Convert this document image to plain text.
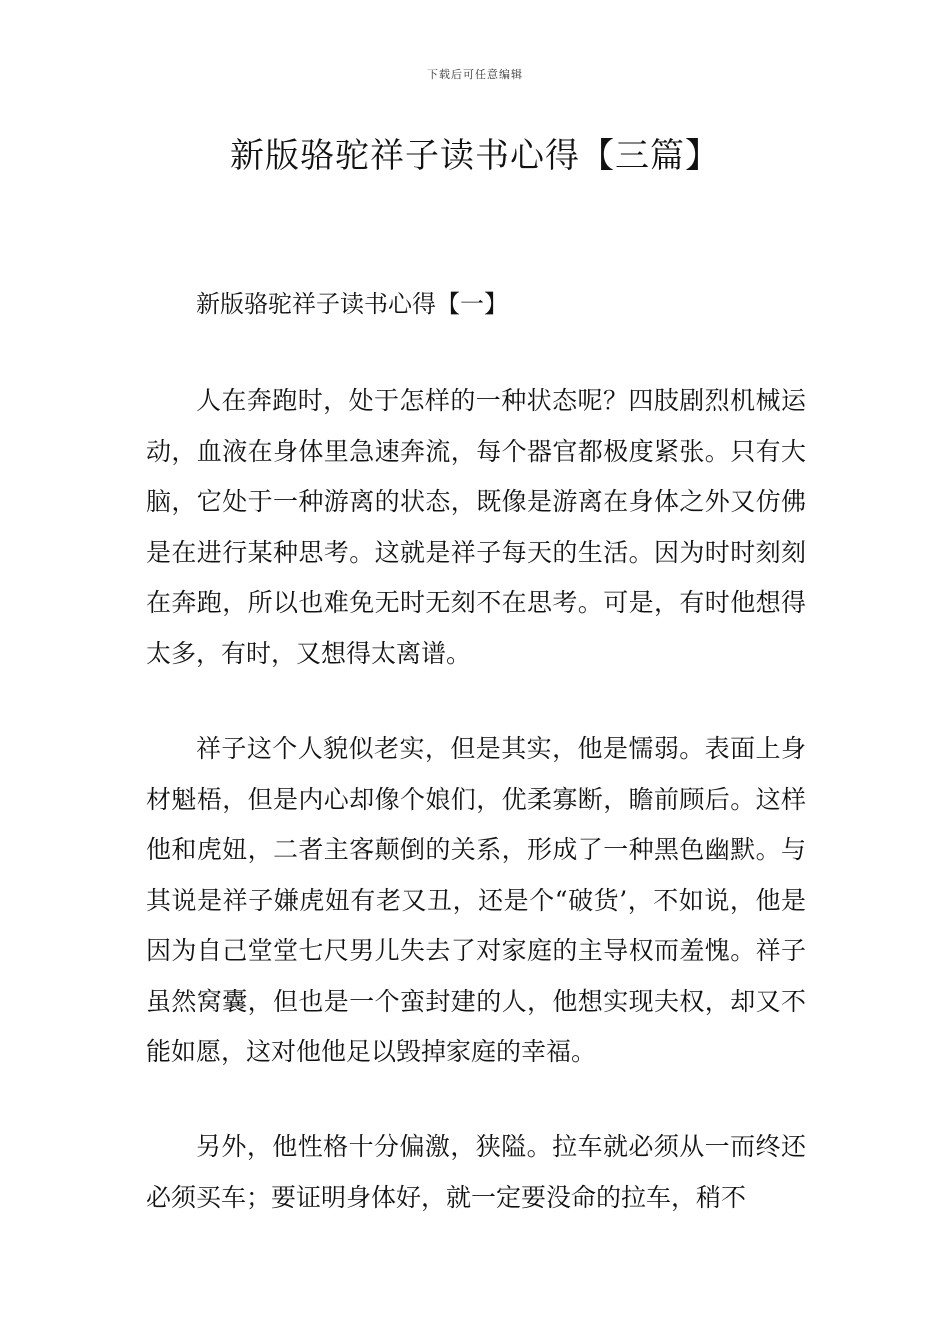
下载后可任意编辑
新版骆驼祥子读书心得【三篇】
新版骆驼祥子读书心得【一】

人在奔跑时，处于怎样的一种状态呢？四肢剧烈机械运动，血液在身体里急速奔流，每个器官都极度紧张。只有大脑，它处于一种游离的状态，既像是游离在身体之外又仿佛是在进行某种思考。这就是祥子每天的生活。因为时时刻刻在奔跑，所以也难免无时无刻不在思考。可是，有时他想得太多，有时，又想得太离谱。

祥子这个人貌似老实，但是其实，他是懦弱。表面上身材魁梧，但是内心却像个娘们，优柔寡断，瞻前顾后。这样他和虎妞，二者主客颠倒的关系，形成了一种黑色幽默。与其说是祥子嫌虎妞有老又丑，还是个“破货’，不如说，他是因为自己堂堂七尺男儿失去了对家庭的主导权而羞愧。祥子虽然窝囊，但也是一个蛮封建的人，他想实现夫权，却又不能如愿，这对他他足以毁掉家庭的幸福。

另外，他性格十分偏激，狭隘。拉车就必须从一而终还必须买车；要证明身体好，就一定要没命的拉车，稍不
